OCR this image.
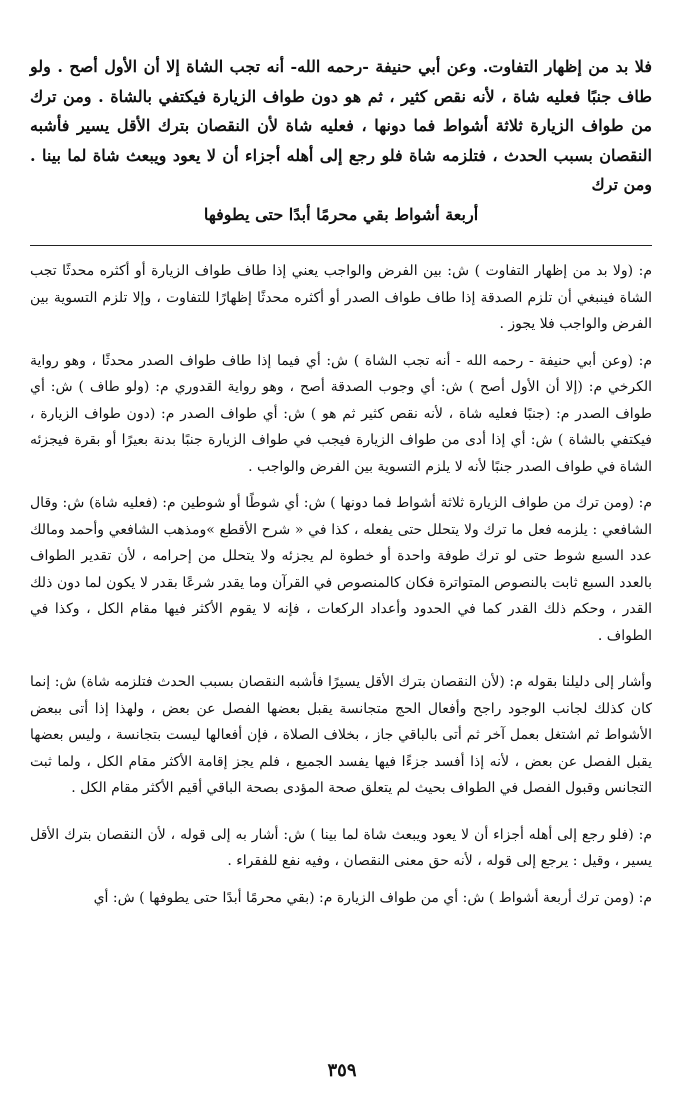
فلا بد من إظهار التفاوت. وعن أبي حنيفة -رحمه الله- أنه تجب الشاة إلا أن الأول أصح . ولو طاف جنبًا فعليه شاة ، لأنه نقص كثير ، ثم هو دون طواف الزيارة فيكتفي بالشاة . ومن ترك من طواف الزيارة ثلاثة أشواط فما دونها ، فعليه شاة لأن النقصان بترك الأقل يسير فأشبه النقصان بسبب الحدث ، فتلزمه شاة فلو رجع إلى أهله أجزاء أن لا يعود ويبعث شاة لما بينا . ومن ترك

أربعة أشواط بقي محرمًا أبدًا حتى يطوفها

م: (ولا بد من إظهار التفاوت ) ش: بين الفرض والواجب يعني إذا طاف طواف الزيارة أو أكثره محدثًا تجب الشاة فينبغي أن تلزم الصدقة إذا طاف طواف الصدر أو أكثره محدثًا إظهارًا للتفاوت ، وإلا تلزم التسوية بين الفرض والواجب فلا يجوز .

م: (وعن أبي حنيفة - رحمه الله - أنه تجب الشاة ) ش: أي فيما إذا طاف طواف الصدر محدثًا ، وهو رواية الكرخي م: (إلا أن الأول أصح ) ش: أي وجوب الصدقة أصح ، وهو رواية القدوري م: (ولو طاف ) ش: أي طواف الصدر م: (جنبًا فعليه شاة ، لأنه نقص كثير ثم هو ) ش: أي طواف الصدر م: (دون طواف الزيارة ، فيكتفي بالشاة ) ش: أي إذا أدى من طواف الزيارة فيجب في طواف الزيارة جنبًا بدنة بعيرًا أو بقرة فيجزئه الشاة في طواف الصدر جنبًا لأنه لا يلزم التسوية بين الفرض والواجب .

م: (ومن ترك من طواف الزيارة ثلاثة أشواط فما دونها ) ش: أي شوطًا أو شوطين م: (فعليه شاة) ش: وقال الشافعي : يلزمه فعل ما ترك ولا يتحلل حتى يفعله ، كذا في « شرح الأقطع »ومذهب الشافعي وأحمد ومالك عدد السبع شوط حتى لو ترك طوفة واحدة أو خطوة لم يجزئه ولا يتحلل من إحرامه ، لأن تقدير الطواف بالعدد السبع ثابت بالنصوص المتواترة فكان كالمنصوص في القرآن وما يقدر شرعًا بقدر لا يكون لما دون ذلك القدر ، وحكم ذلك القدر كما في الحدود وأعداد الركعات ، فإنه لا يقوم الأكثر فيها مقام الكل ، وكذا في الطواف .

وأشار إلى دليلنا بقوله م: (لأن النقصان بترك الأقل يسيرًا فأشبه النقصان بسبب الحدث فتلزمه شاة) ش: إنما كان كذلك لجانب الوجود راجح وأفعال الحج متجانسة يقبل بعضها الفصل عن بعض ، ولهذا إذا أتى ببعض الأشواط ثم اشتغل بعمل آخر ثم أتى بالباقي جاز ، بخلاف الصلاة ، فإن أفعالها ليست بتجانسة ، وليس بعضها يقبل الفصل عن بعض ، لأنه إذا أفسد جزءًا فيها يفسد الجميع ، فلم يجز إقامة الأكثر مقام الكل ، ولما ثبت التجانس وقبول الفصل في الطواف بحيث لم يتعلق صحة المؤدى بصحة الباقي أقيم الأكثر مقام الكل .

م: (فلو رجع إلى أهله أجزاء أن لا يعود ويبعث شاة لما بينا ) ش: أشار به إلى قوله ، لأن النقصان بترك الأقل يسير ، وقيل : يرجع إلى قوله ، لأنه حق معنى النقصان ، وفيه نفع للفقراء .

م: (ومن ترك أربعة أشواط ) ش: أي من طواف الزيارة م: (بقي محرمًا أبدًا حتى يطوفها ) ش: أي

٣٥٩
